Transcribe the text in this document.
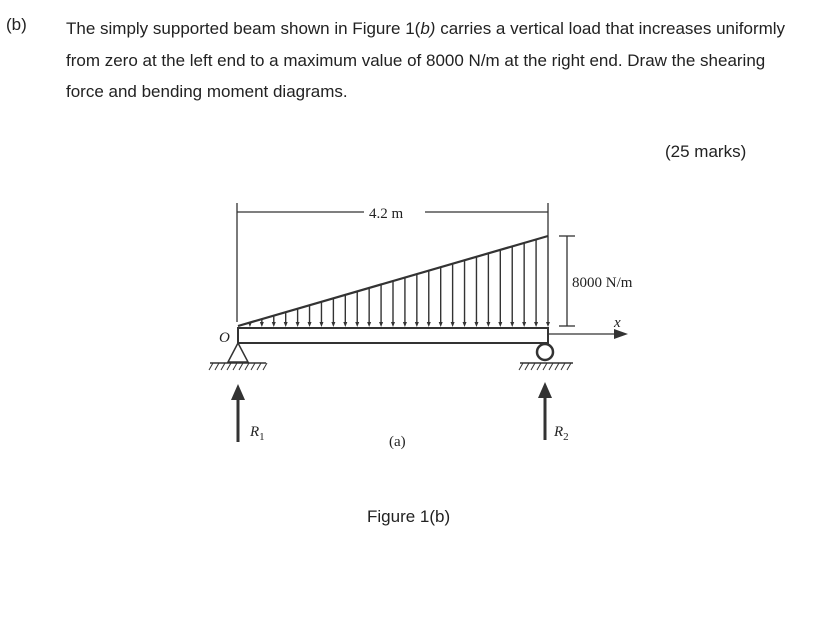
(b) The simply supported beam shown in Figure 1(b) carries a vertical load that increases uniformly from zero at the left end to a maximum value of 8000 N/m at the right end. Draw the shearing force and bending moment diagrams.
(25 marks)
4.2 m
8000 N/m
x
O
$R_1$	$R_2$
(a)
Figure 1(b)
